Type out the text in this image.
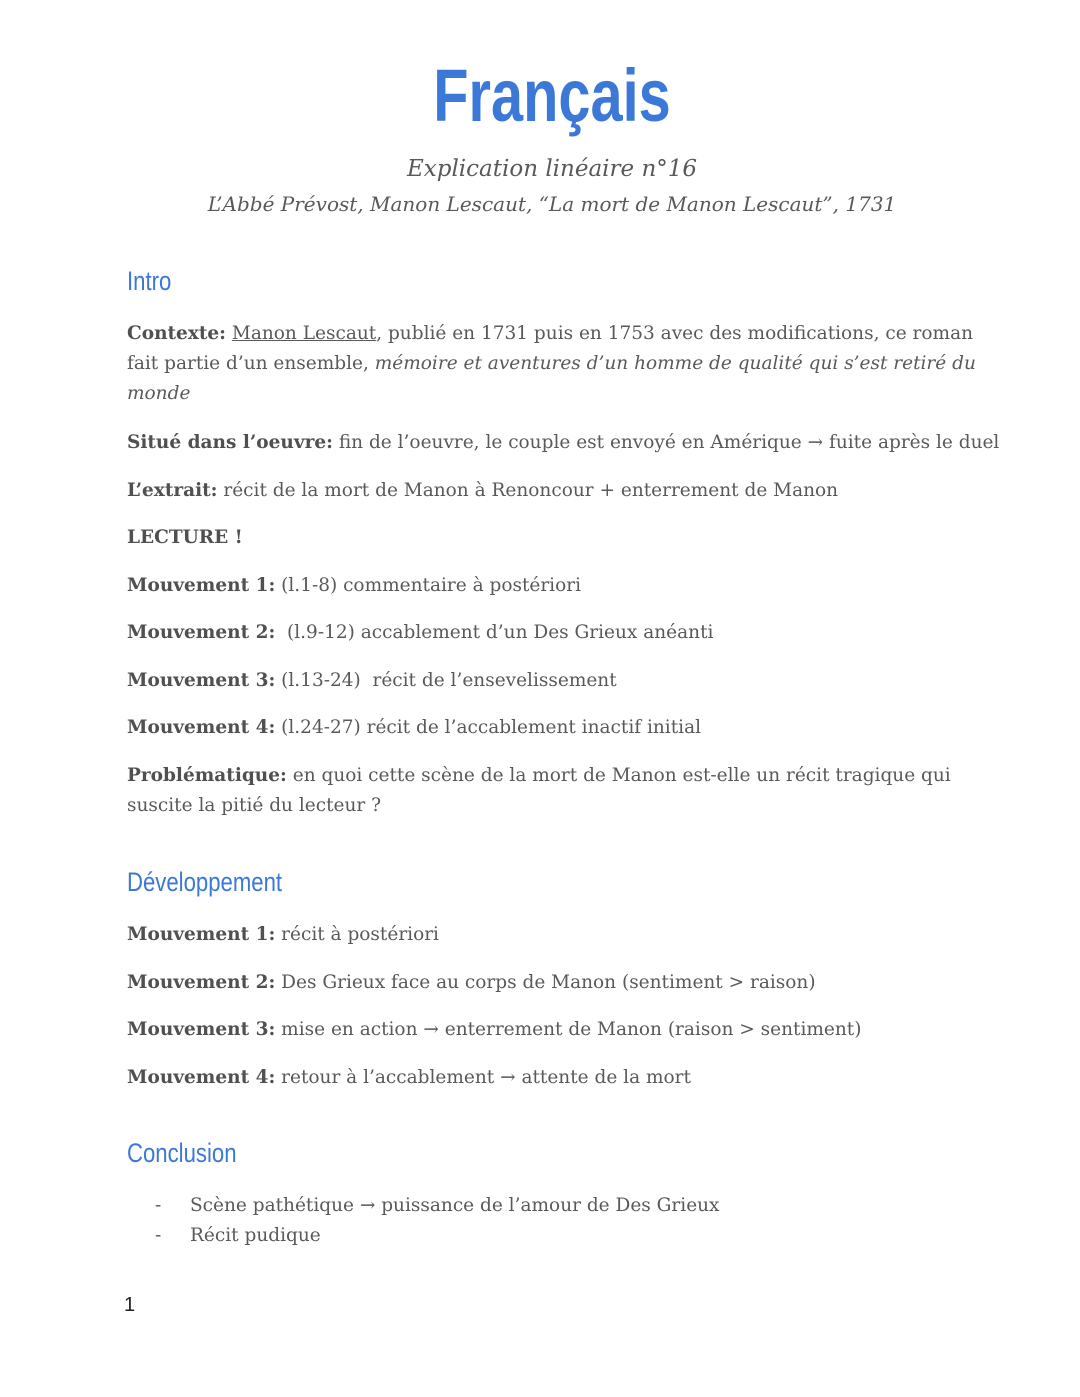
Français
Explication linéaire n°16
L’Abbé Prévost, Manon Lescaut, “La mort de Manon Lescaut”, 1731
Intro
Contexte: Manon Lescaut, publié en 1731 puis en 1753 avec des modifications, ce roman fait partie d’un ensemble, mémoire et aventures d’un homme de qualité qui s’est retiré du monde
Situé dans l’oeuvre: fin de l’oeuvre, le couple est envoyé en Amérique → fuite après le duel
L’extrait: récit de la mort de Manon à Renoncour + enterrement de Manon
LECTURE !
Mouvement 1: (l.1-8) commentaire à postériori
Mouvement 2:  (l.9-12) accablement d’un Des Grieux anéanti
Mouvement 3: (l.13-24)  récit de l’ensevelissement
Mouvement 4: (l.24-27) récit de l’accablement inactif initial
Problématique: en quoi cette scène de la mort de Manon est-elle un récit tragique qui suscite la pitié du lecteur ?
Développement
Mouvement 1: récit à postériori
Mouvement 2: Des Grieux face au corps de Manon (sentiment > raison)
Mouvement 3: mise en action → enterrement de Manon (raison > sentiment)
Mouvement 4: retour à l’accablement → attente de la mort
Conclusion
-	Scène pathétique → puissance de l’amour de Des Grieux
-	Récit pudique
1
